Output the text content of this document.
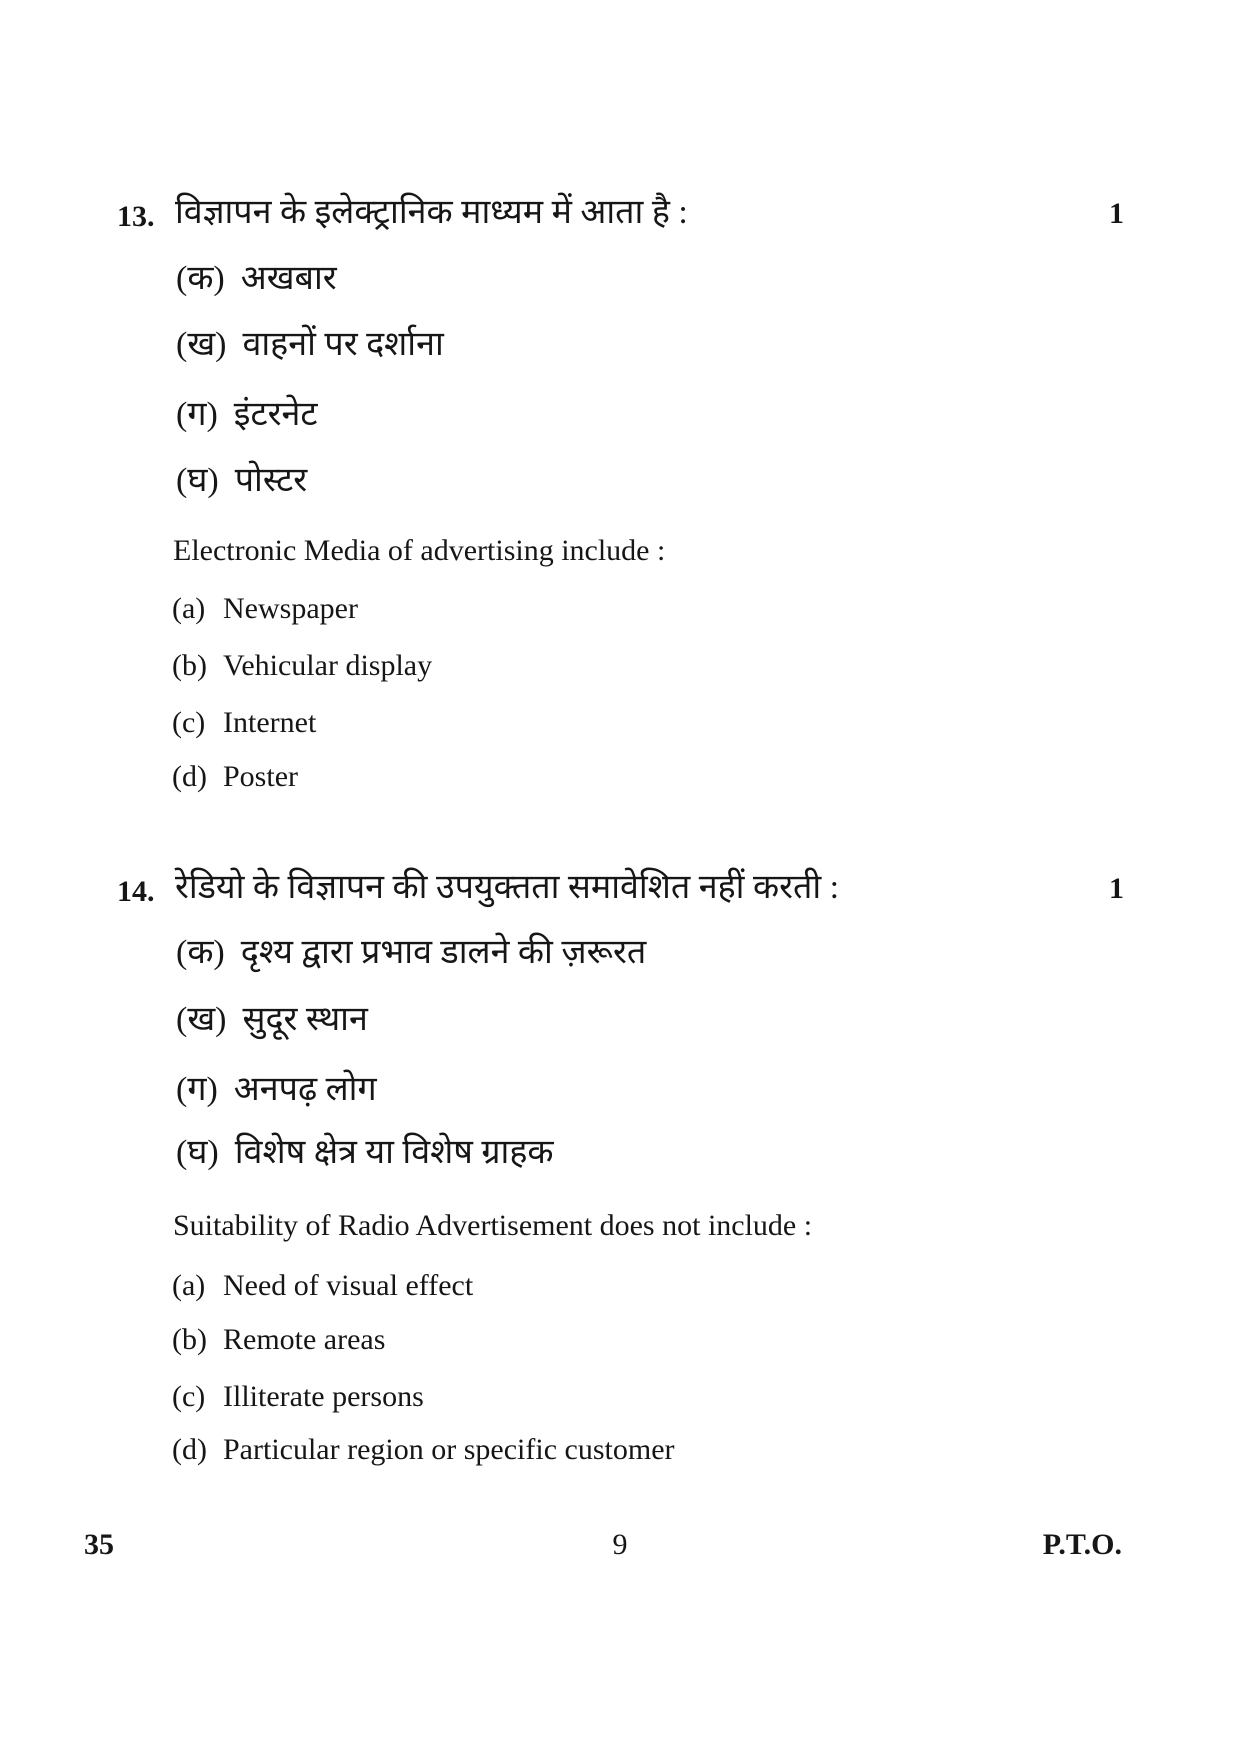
13. विज्ञापन के इलेक्ट्रानिक माध्यम में आता है :	1
(क) अखबार
(ख) वाहनों पर दर्शाना
(ग) इंटरनेट
(घ) पोस्टर
Electronic Media of advertising include :
(a) Newspaper
(b) Vehicular display
(c) Internet
(d) Poster
14. रेडियो के विज्ञापन की उपयुक्तता समावेशित नहीं करती :	1
(क) दृश्य द्वारा प्रभाव डालने की ज़रूरत
(ख) सुदूर स्थान
(ग) अनपढ़ लोग
(घ) विशेष क्षेत्र या विशेष ग्राहक
Suitability of Radio Advertisement does not include :
(a) Need of visual effect
(b) Remote areas
(c) Illiterate persons
(d) Particular region or specific customer
35	9	P.T.O.
